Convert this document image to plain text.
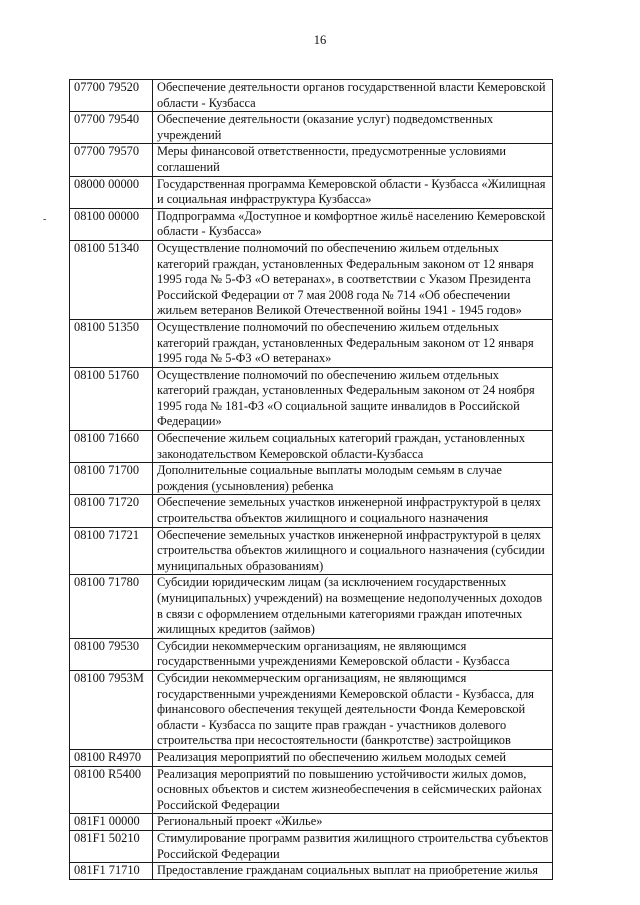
16
-
07700 79520	Обеспечение деятельности органов государственной власти Кемеровской области - Кузбасса
07700 79540	Обеспечение деятельности (оказание услуг) подведомственных учреждений
07700 79570	Меры финансовой ответственности, предусмотренные условиями соглашений
08000 00000	Государственная программа Кемеровской области - Кузбасса «Жилищная и социальная инфраструктура Кузбасса»
08100 00000	Подпрограмма «Доступное и комфортное жильё населению Кемеровской области - Кузбасса»
08100 51340	Осуществление полномочий по обеспечению жильем отдельных категорий граждан, установленных Федеральным законом от 12 января 1995 года № 5-ФЗ «О ветеранах», в соответствии с Указом Президента Российской Федерации от 7 мая 2008 года № 714 «Об обеспечении жильем ветеранов Великой Отечественной войны 1941 - 1945 годов»
08100 51350	Осуществление полномочий по обеспечению жильем отдельных категорий граждан, установленных Федеральным законом от 12 января 1995 года № 5-ФЗ «О ветеранах»
08100 51760	Осуществление полномочий по обеспечению жильем отдельных категорий граждан, установленных Федеральным законом от 24 ноября 1995 года № 181-ФЗ «О социальной защите инвалидов в Российской Федерации»
08100 71660	Обеспечение жильем социальных категорий граждан, установленных законодательством Кемеровской области-Кузбасса
08100 71700	Дополнительные социальные выплаты молодым семьям в случае рождения (усыновления) ребенка
08100 71720	Обеспечение земельных участков инженерной инфраструктурой в целях строительства объектов жилищного и социального назначения
08100 71721	Обеспечение земельных участков инженерной инфраструктурой в целях строительства объектов жилищного и социального назначения (субсидии муниципальных образованиям)
08100 71780	Субсидии юридическим лицам (за исключением государственных (муниципальных) учреждений) на возмещение недополученных доходов в связи с оформлением отдельными категориями граждан ипотечных жилищных кредитов (займов)
08100 79530	Субсидии некоммерческим организациям, не являющимся государственными учреждениями Кемеровской области - Кузбасса
08100 7953М	Субсидии некоммерческим организациям, не являющимся государственными учреждениями Кемеровской области - Кузбасса, для финансового обеспечения текущей деятельности Фонда Кемеровской области - Кузбасса по защите прав граждан - участников долевого строительства при несостоятельности (банкротстве) застройщиков
08100 R4970	Реализация мероприятий по обеспечению жильем молодых семей
08100 R5400	Реализация мероприятий по повышению устойчивости жилых домов, основных объектов и систем жизнеобеспечения в сейсмических районах Российской Федерации
081F1 00000	Региональный проект «Жилье»
081F1 50210	Стимулирование программ развития жилищного строительства субъектов Российской Федерации
081F1 71710	Предоставление гражданам социальных выплат на приобретение жилья
